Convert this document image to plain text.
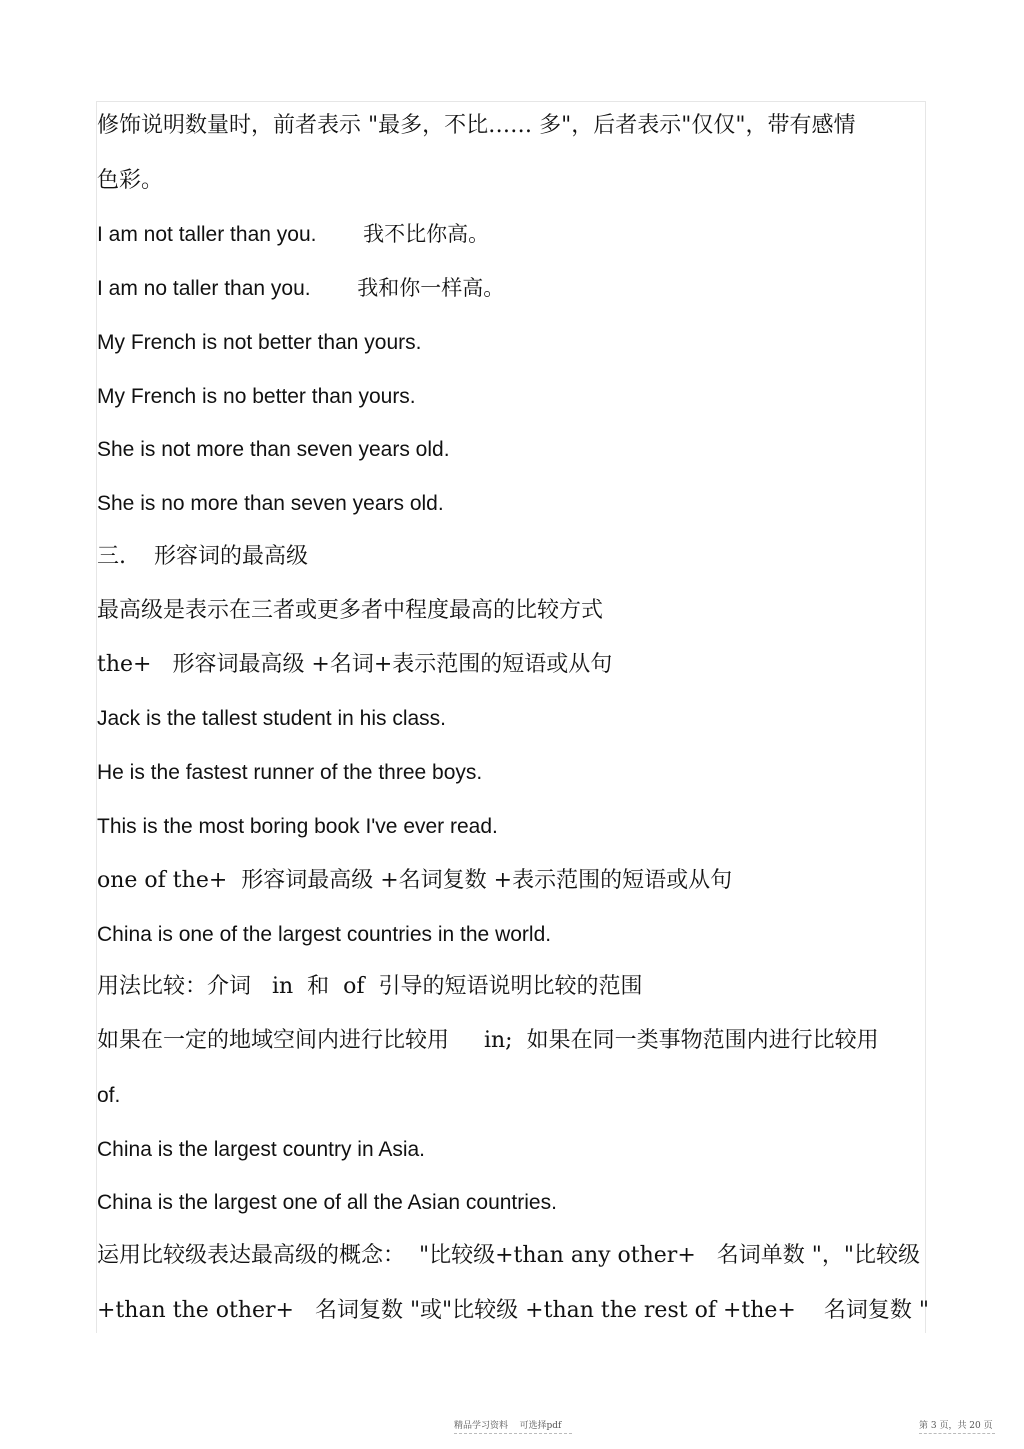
修饰说明数量时，前者表示 "最多，不比…… 多"，后者表示"仅仅"，带有感情
色彩。
I am not taller than you.        我不比你高。
I am no taller than you.        我和你一样高。
My French is not better than yours.
My French is no better than yours.
She is not more than seven years old.
She is no more than seven years old.
三.    形容词的最高级
最高级是表示在三者或更多者中程度最高的比较方式
the+   形容词最高级 +名词+表示范围的短语或从句
Jack is the tallest student in his class.
He is the fastest runner of the three boys.
This is the most boring book I've ever read.
one of the+  形容词最高级 +名词复数 +表示范围的短语或从句
China is one of the largest countries in the world.
用法比较：介词   in  和  of  引导的短语说明比较的范围
如果在一定的地域空间内进行比较用     in;  如果在同一类事物范围内进行比较用
of.
China is the largest country in Asia.
China is the largest one of all the Asian countries.
运用比较级表达最高级的概念：  "比较级+than any other+   名词单数 "，"比较级
+than the other+   名词复数 "或"比较级 +than the rest of +the+    名词复数 "
精品学习资料    可选择pdf	第 3 页，共 20 页
